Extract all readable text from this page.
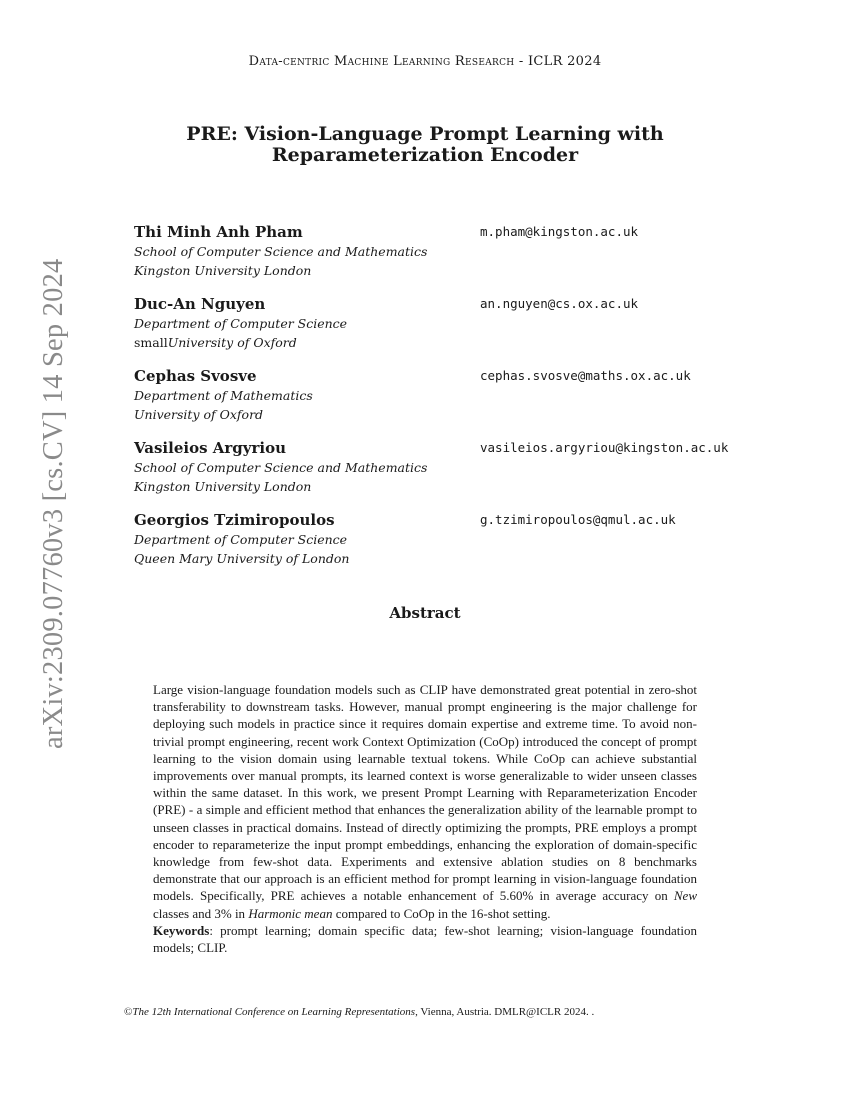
Data-centric Machine Learning Research - ICLR 2024
PRE: Vision-Language Prompt Learning with
Reparameterization Encoder
arXiv:2309.07760v3 [cs.CV] 14 Sep 2024
Thi Minh Anh Pham
School of Computer Science and Mathematics
Kingston University London
m.pham@kingston.ac.uk
Duc-An Nguyen
Department of Computer Science
smallUniversity of Oxford
an.nguyen@cs.ox.ac.uk
Cephas Svosve
Department of Mathematics
University of Oxford
cephas.svosve@maths.ox.ac.uk
Vasileios Argyriou
School of Computer Science and Mathematics
Kingston University London
vasileios.argyriou@kingston.ac.uk
Georgios Tzimiropoulos
Department of Computer Science
Queen Mary University of London
g.tzimiropoulos@qmul.ac.uk
Abstract

Large vision-language foundation models such as CLIP have demonstrated great potential in zero-shot transferability to downstream tasks. However, manual prompt engineering is the major challenge for deploying such models in practice since it requires domain expertise and extreme time. To avoid non-trivial prompt engineering, recent work Context Optimization (CoOp) introduced the concept of prompt learning to the vision domain using learnable textual tokens. While CoOp can achieve substantial improvements over manual prompts, its learned context is worse generalizable to wider unseen classes within the same dataset. In this work, we present Prompt Learning with Reparameterization Encoder (PRE) - a simple and efficient method that enhances the generalization ability of the learnable prompt to unseen classes in practical domains. Instead of directly optimizing the prompts, PRE employs a prompt encoder to reparameterize the input prompt embeddings, enhancing the exploration of domain-specific knowledge from few-shot data. Experiments and extensive ablation studies on 8 benchmarks demonstrate that our approach is an efficient method for prompt learning in vision-language foundation models. Specifically, PRE achieves a notable enhancement of 5.60% in average accuracy on New classes and 3% in Harmonic mean compared to CoOp in the 16-shot setting.

Keywords: prompt learning; domain specific data; few-shot learning; vision-language foundation models; CLIP.

©The 12th International Conference on Learning Representations, Vienna, Austria. DMLR@ICLR 2024. .
